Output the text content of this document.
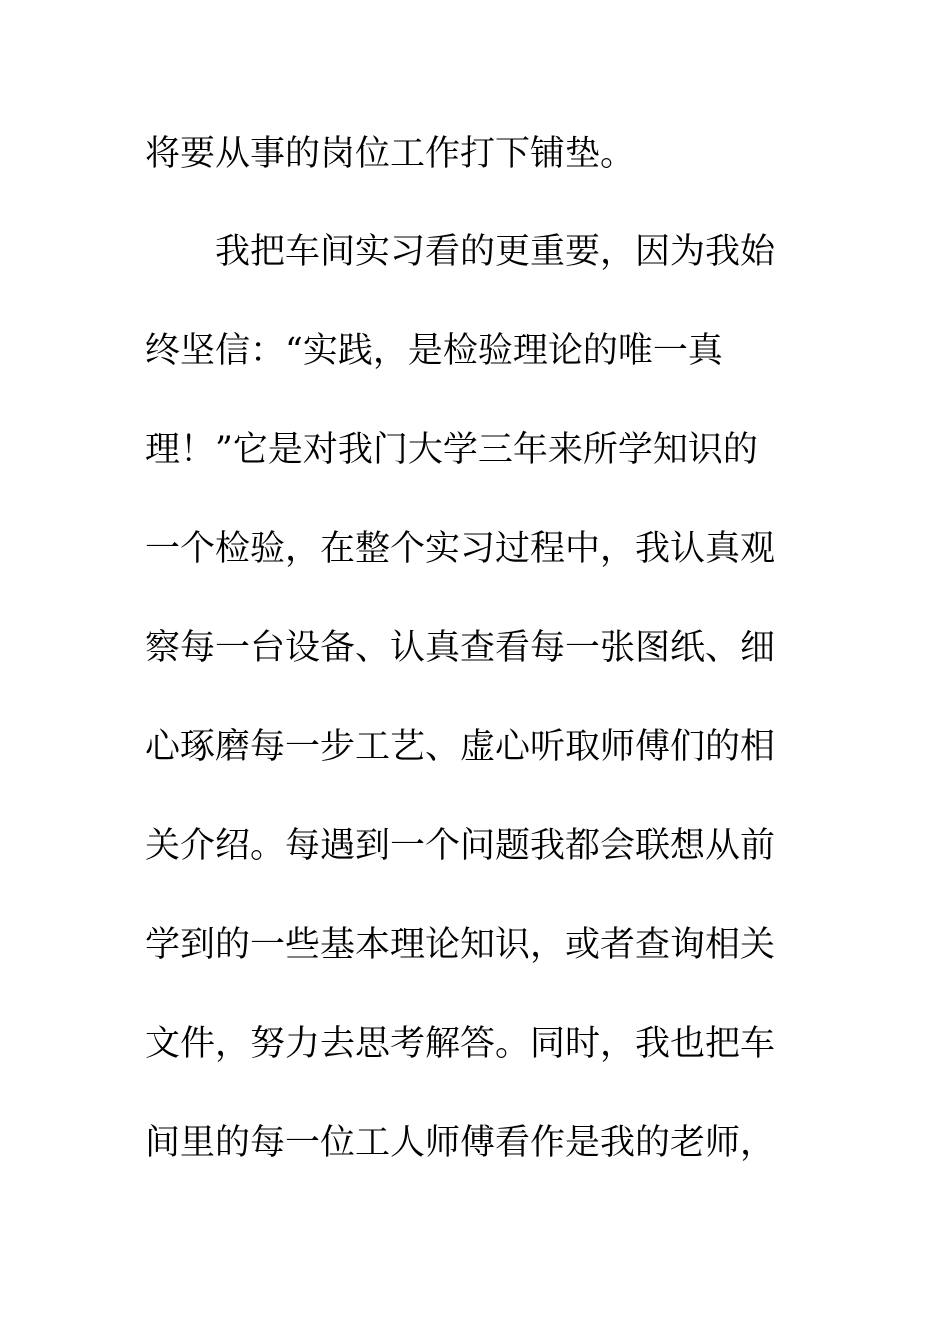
将要从事的岗位工作打下铺垫。
我把车间实习看的更重要，因为我始
终坚信：“实践，是检验理论的唯一真
理！”它是对我门大学三年来所学知识的
一个检验，在整个实习过程中，我认真观
察每一台设备、认真查看每一张图纸、细
心琢磨每一步工艺、虚心听取师傅们的相
关介绍。每遇到一个问题我都会联想从前
学到的一些基本理论知识，或者查询相关
文件，努力去思考解答。同时，我也把车
间里的每一位工人师傅看作是我的老师，
